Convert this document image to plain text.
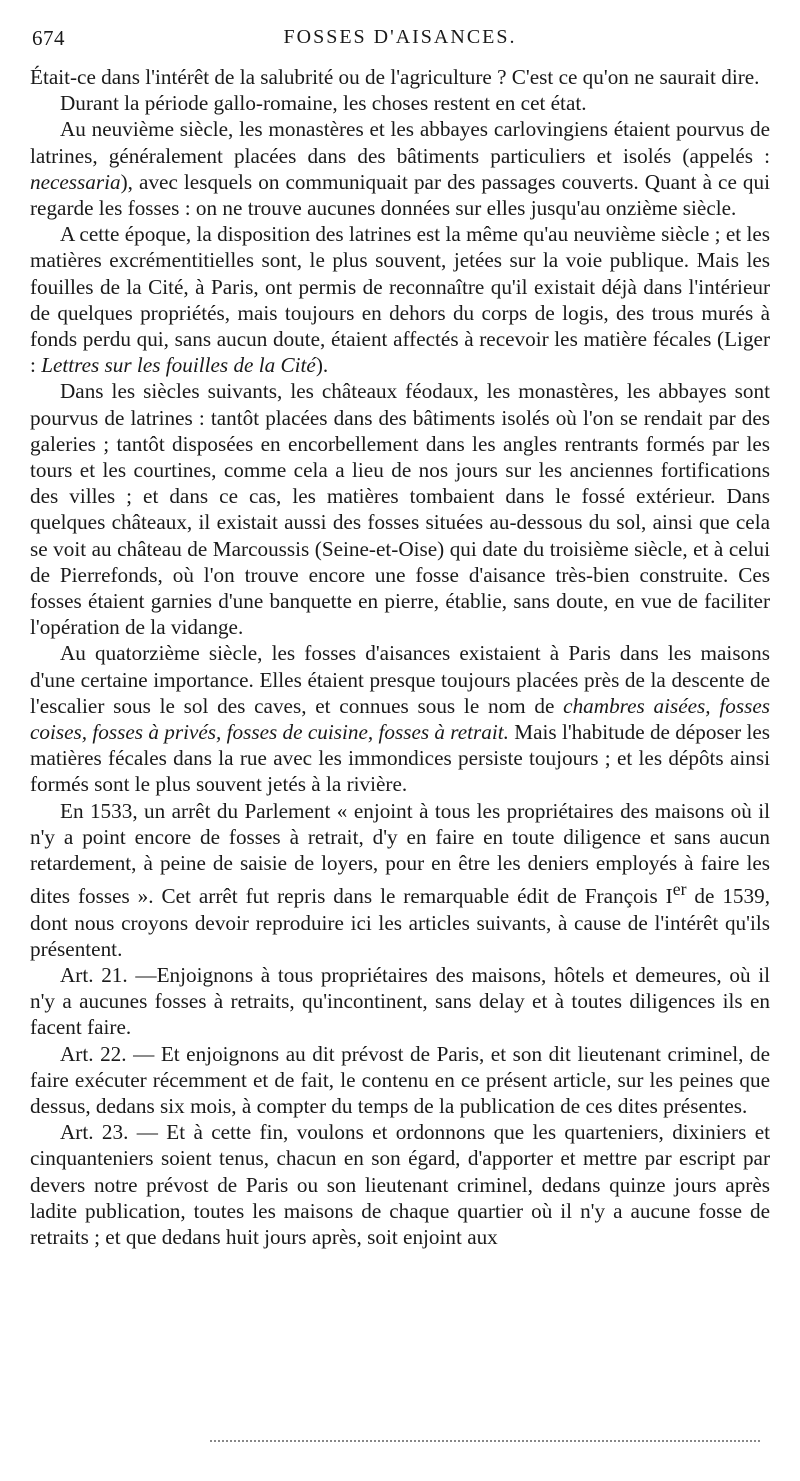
674	FOSSES D'AISANCES.

Était-ce dans l'intérêt de la salubrité ou de l'agriculture ? C'est ce qu'on ne saurait dire.

Durant la période gallo-romaine, les choses restent en cet état.

Au neuvième siècle, les monastères et les abbayes carlovingiens étaient pourvus de latrines, généralement placées dans des bâtiments particuliers et isolés (appelés : necessaria), avec lesquels on communiquait par des passages couverts. Quant à ce qui regarde les fosses : on ne trouve aucunes données sur elles jusqu'au onzième siècle.

A cette époque, la disposition des latrines est la même qu'au neuvième siècle ; et les matières excrémentitielles sont, le plus souvent, jetées sur la voie publique. Mais les fouilles de la Cité, à Paris, ont permis de reconnaître qu'il existait déjà dans l'intérieur de quelques propriétés, mais toujours en dehors du corps de logis, des trous murés à fonds perdu qui, sans aucun doute, étaient affectés à recevoir les matière fécales (Liger : Lettres sur les fouilles de la Cité).

Dans les siècles suivants, les châteaux féodaux, les monastères, les abbayes sont pourvus de latrines : tantôt placées dans des bâtiments isolés où l'on se rendait par des galeries ; tantôt disposées en encorbellement dans les angles rentrants formés par les tours et les courtines, comme cela a lieu de nos jours sur les anciennes fortifications des villes ; et dans ce cas, les matières tombaient dans le fossé extérieur. Dans quelques châteaux, il existait aussi des fosses situées au-dessous du sol, ainsi que cela se voit au château de Marcoussis (Seine-et-Oise) qui date du troisième siècle, et à celui de Pierrefonds, où l'on trouve encore une fosse d'aisance très-bien construite. Ces fosses étaient garnies d'une banquette en pierre, établie, sans doute, en vue de faciliter l'opération de la vidange.

Au quatorzième siècle, les fosses d'aisances existaient à Paris dans les maisons d'une certaine importance. Elles étaient presque toujours placées près de la descente de l'escalier sous le sol des caves, et connues sous le nom de chambres aisées, fosses coises, fosses à privés, fosses de cuisine, fosses à retrait. Mais l'habitude de déposer les matières fécales dans la rue avec les immondices persiste toujours ; et les dépôts ainsi formés sont le plus souvent jetés à la rivière.

En 1533, un arrêt du Parlement « enjoint à tous les propriétaires des maisons où il n'y a point encore de fosses à retrait, d'y en faire en toute diligence et sans aucun retardement, à peine de saisie de loyers, pour en être les deniers employés à faire les dites fosses ». Cet arrêt fut repris dans le remarquable édit de François Ier de 1539, dont nous croyons devoir reproduire ici les articles suivants, à cause de l'intérêt qu'ils présentent.

Art. 21. —Enjoignons à tous propriétaires des maisons, hôtels et demeures, où il n'y a aucunes fosses à retraits, qu'incontinent, sans delay et à toutes diligences ils en facent faire.

Art. 22. — Et enjoignons au dit prévost de Paris, et son dit lieutenant criminel, de faire exécuter récemment et de fait, le contenu en ce présent article, sur les peines que dessus, dedans six mois, à compter du temps de la publication de ces dites présentes.

Art. 23. — Et à cette fin, voulons et ordonnons que les quarteniers, dixiniers et cinquanteniers soient tenus, chacun en son égard, d'apporter et mettre par escript par devers notre prévost de Paris ou son lieutenant criminel, dedans quinze jours après ladite publication, toutes les maisons de chaque quartier où il n'y a aucune fosse de retraits ; et que dedans huit jours après, soit enjoint aux
